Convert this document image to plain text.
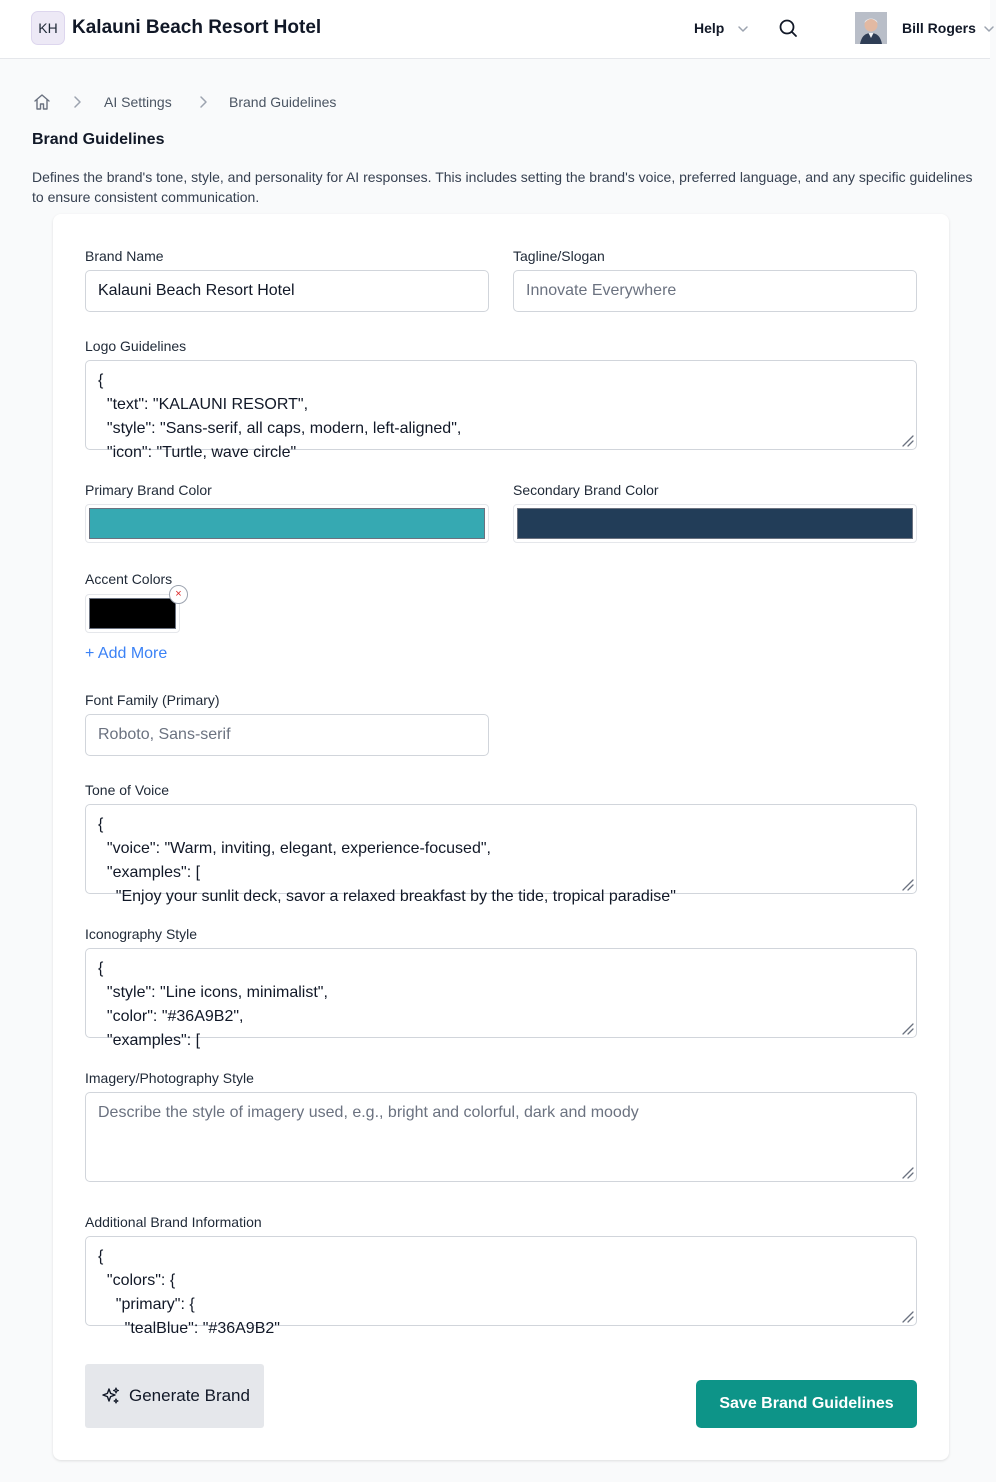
KH Kalauni Beach Resort Hotel	Help	Bill Rogers
AI Settings	Brand Guidelines
Brand Guidelines
Defines the brand's tone, style, and personality for AI responses. This includes setting the brand's voice, preferred language, and any specific guidelines to ensure consistent communication.
Brand Name
Kalauni Beach Resort Hotel
Tagline/Slogan
Innovate Everywhere
Logo Guidelines
{
"text": "KALAUNI RESORT",
"style": "Sans-serif, all caps, modern, left-aligned",
"icon": "Turtle, wave circle"
Primary Brand Color	Secondary Brand Color
Accent Colors
×
+ Add More
Font Family (Primary)
Roboto, Sans-serif
Tone of Voice
{
"voice": "Warm, inviting, elegant, experience-focused",
"examples": [
"Enjoy your sunlit deck, savor a relaxed breakfast by the tide, tropical paradise"
Iconography Style
{
"style": "Line icons, minimalist",
"color": "#36A9B2",
"examples": [
Imagery/Photography Style
Describe the style of imagery used, e.g., bright and colorful, dark and moody
Additional Brand Information
{
"colors": {
"primary": {
"tealBlue": "#36A9B2"
Generate Brand	Save Brand Guidelines
